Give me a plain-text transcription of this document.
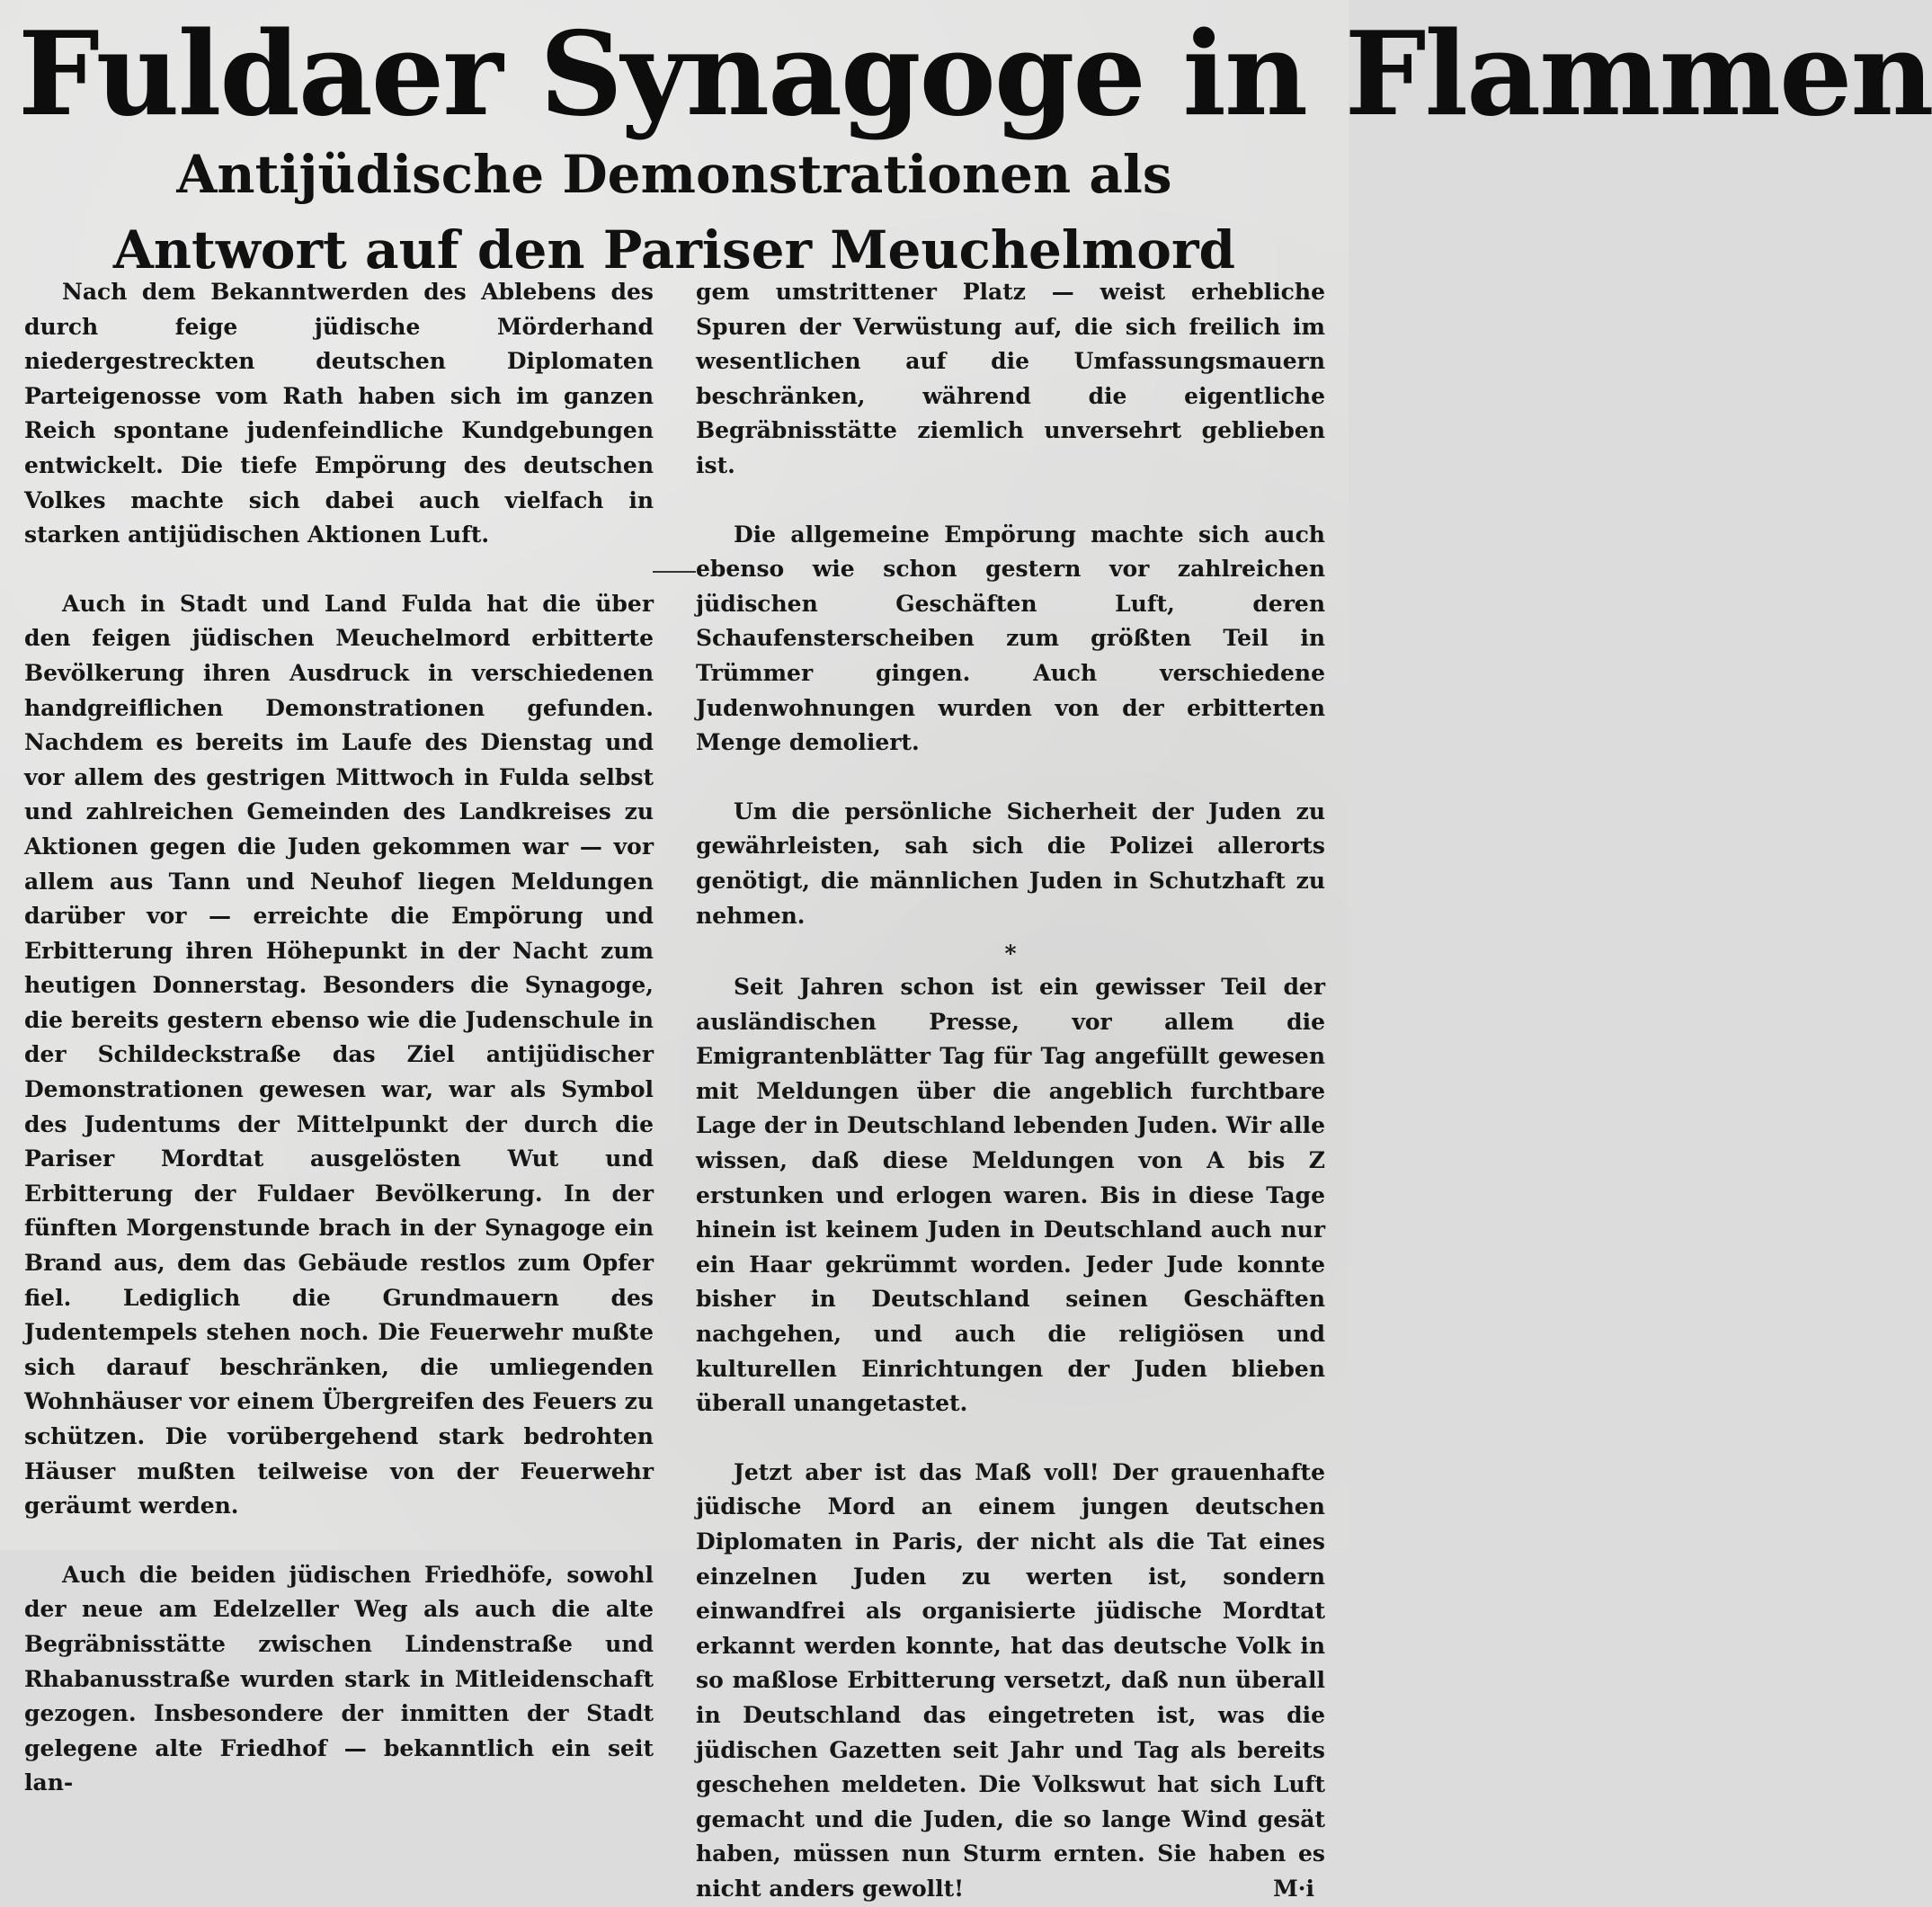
Fuldaer Synagoge in Flammen
Antijüdische Demonstrationen als Antwort auf den Pariser Meuchelmord

Nach dem Bekanntwerden des Ablebens des durch feige jüdische Mörderhand niedergestreckten deutschen Diplomaten Parteigenosse vom Rath haben sich im ganzen Reich spontane judenfeindliche Kundgebungen entwickelt. Die tiefe Empörung des deutschen Volkes machte sich dabei auch vielfach in starken antijüdischen Aktionen Luft.

Auch in Stadt und Land Fulda hat die über den feigen jüdischen Meuchelmord erbitterte Bevölkerung ihren Ausdruck in verschiedenen handgreiflichen Demonstrationen gefunden. Nachdem es bereits im Laufe des Dienstag und vor allem des gestrigen Mittwoch in Fulda selbst und zahlreichen Gemeinden des Landkreises zu Aktionen gegen die Juden gekommen war — vor allem aus Tann und Neuhof liegen Meldungen darüber vor — erreichte die Empörung und Erbitterung ihren Höhepunkt in der Nacht zum heutigen Donnerstag. Besonders die Synagoge, die bereits gestern ebenso wie die Judenschule in der Schildeckstraße das Ziel antijüdischer Demonstrationen gewesen war, war als Symbol des Judentums der Mittelpunkt der durch die Pariser Mordtat ausgelösten Wut und Erbitterung der Fuldaer Bevölkerung. In der fünften Morgenstunde brach in der Synagoge ein Brand aus, dem das Gebäude restlos zum Opfer fiel. Lediglich die Grundmauern des Judentempels stehen noch. Die Feuerwehr mußte sich darauf beschränken, die umliegenden Wohnhäuser vor einem Übergreifen des Feuers zu schützen. Die vorübergehend stark bedrohten Häuser mußten teilweise von der Feuerwehr geräumt werden.

Auch die beiden jüdischen Friedhöfe, sowohl der neue am Edelzeller Weg als auch die alte Begräbnisstätte zwischen Lindenstraße und Rhabanusstraße wurden stark in Mitleidenschaft gezogen. Insbesondere der inmitten der Stadt gelegene alte Friedhof — bekanntlich ein seit lan-

gem umstrittener Platz — weist erhebliche Spuren der Verwüstung auf, die sich freilich im wesentlichen auf die Umfassungsmauern beschränken, während die eigentliche Begräbnisstätte ziemlich unversehrt geblieben ist.

Die allgemeine Empörung machte sich auch ebenso wie schon gestern vor zahlreichen jüdischen Geschäften Luft, deren Schaufensterscheiben zum größten Teil in Trümmer gingen. Auch verschiedene Judenwohnungen wurden von der erbitterten Menge demoliert.

Um die persönliche Sicherheit der Juden zu gewährleisten, sah sich die Polizei allerorts genötigt, die männlichen Juden in Schutzhaft zu nehmen.

*

Seit Jahren schon ist ein gewisser Teil der ausländischen Presse, vor allem die Emigrantenblätter Tag für Tag angefüllt gewesen mit Meldungen über die angeblich furchtbare Lage der in Deutschland lebenden Juden. Wir alle wissen, daß diese Meldungen von A bis Z erstunken und erlogen waren. Bis in diese Tage hinein ist keinem Juden in Deutschland auch nur ein Haar gekrümmt worden. Jeder Jude konnte bisher in Deutschland seinen Geschäften nachgehen, und auch die religiösen und kulturellen Einrichtungen der Juden blieben überall unangetastet.

Jetzt aber ist das Maß voll! Der grauenhafte jüdische Mord an einem jungen deutschen Diplomaten in Paris, der nicht als die Tat eines einzelnen Juden zu werten ist, sondern einwandfrei als organisierte jüdische Mordtat erkannt werden konnte, hat das deutsche Volk in so maßlose Erbitterung versetzt, daß nun überall in Deutschland das eingetreten ist, was die jüdischen Gazetten seit Jahr und Tag als bereits geschehen meldeten. Die Volkswut hat sich Luft gemacht und die Juden, die so lange Wind gesät haben, müssen nun Sturm ernten. Sie haben es nicht anders gewollt!	M·i
